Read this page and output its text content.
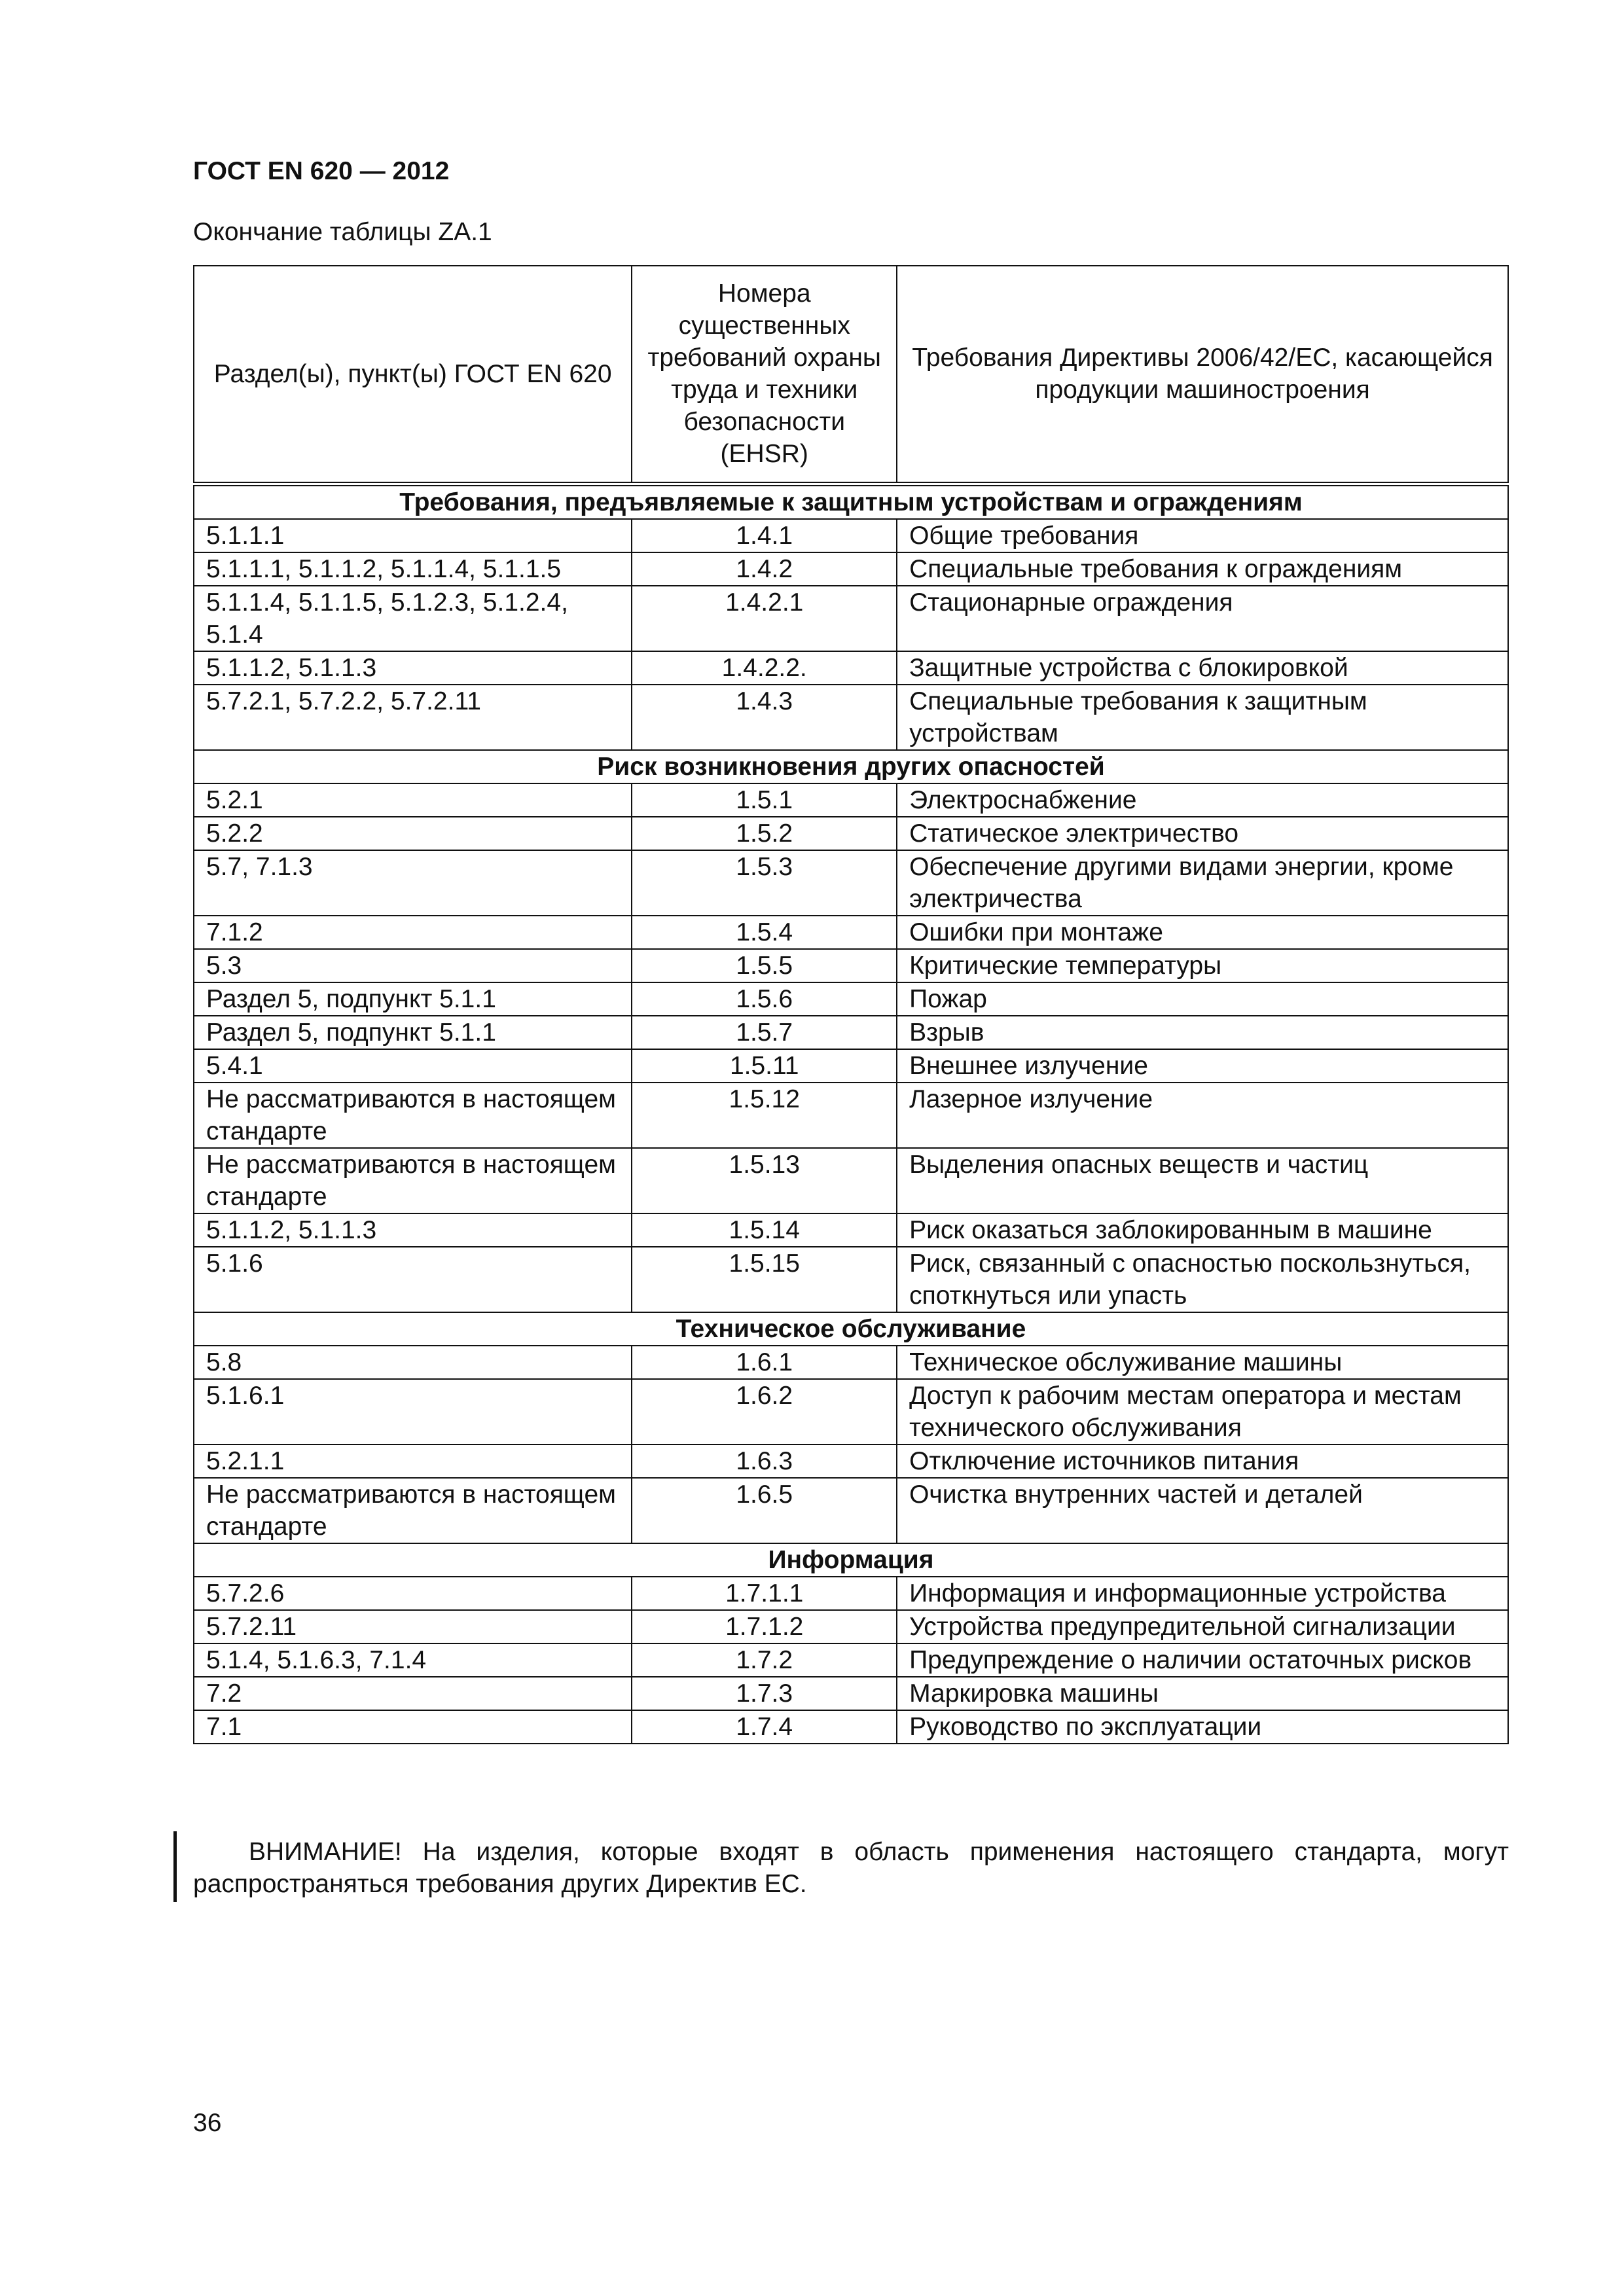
ГОСТ EN 620 — 2012
Окончание таблицы ZA.1
Раздел(ы), пункт(ы) ГОСТ EN 620	Номера существенных требований охраны труда и техники безопасности (EHSR)	Требования Директивы 2006/42/ЕС, касающейся продукции машиностроения
Требования, предъявляемые к защитным устройствам и ограждениям		
5.1.1.1	1.4.1	Общие требования
5.1.1.1, 5.1.1.2, 5.1.1.4, 5.1.1.5	1.4.2	Специальные требования к ограждениям
5.1.1.4, 5.1.1.5, 5.1.2.3, 5.1.2.4, 5.1.4	1.4.2.1	Стационарные ограждения
5.1.1.2, 5.1.1.3	1.4.2.2.	Защитные устройства с блокировкой
5.7.2.1, 5.7.2.2, 5.7.2.11	1.4.3	Специальные требования к защитным устройствам
Риск возникновения других опасностей		
5.2.1	1.5.1	Электроснабжение
5.2.2	1.5.2	Статическое электричество
5.7, 7.1.3	1.5.3	Обеспечение другими видами энергии, кроме электричества
7.1.2	1.5.4	Ошибки при монтаже
5.3	1.5.5	Критические температуры
Раздел 5, подпункт 5.1.1	1.5.6	Пожар
Раздел 5, подпункт 5.1.1	1.5.7	Взрыв
5.4.1	1.5.11	Внешнее излучение
Не рассматриваются в настоящем стандарте	1.5.12	Лазерное излучение
Не рассматриваются в настоящем стандарте	1.5.13	Выделения опасных веществ и частиц
5.1.1.2, 5.1.1.3	1.5.14	Риск оказаться заблокированным в машине
5.1.6	1.5.15	Риск, связанный с опасностью поскользнуться, споткнуться или упасть
Техническое обслуживание		
5.8	1.6.1	Техническое обслуживание машины
5.1.6.1	1.6.2	Доступ к рабочим местам оператора и местам технического обслуживания
5.2.1.1	1.6.3	Отключение источников питания
Не рассматриваются в настоящем стандарте	1.6.5	Очистка внутренних частей и деталей
Информация		
5.7.2.6	1.7.1.1	Информация и информационные устройства
5.7.2.11	1.7.1.2	Устройства предупредительной сигнализации
5.1.4, 5.1.6.3, 7.1.4	1.7.2	Предупреждение о наличии остаточных рисков
7.2	1.7.3	Маркировка машины
7.1	1.7.4	Руководство по эксплуатации
ВНИМАНИЕ! На изделия, которые входят в область применения настоящего стандарта, могут распространяться требования других Директив ЕС.
36
